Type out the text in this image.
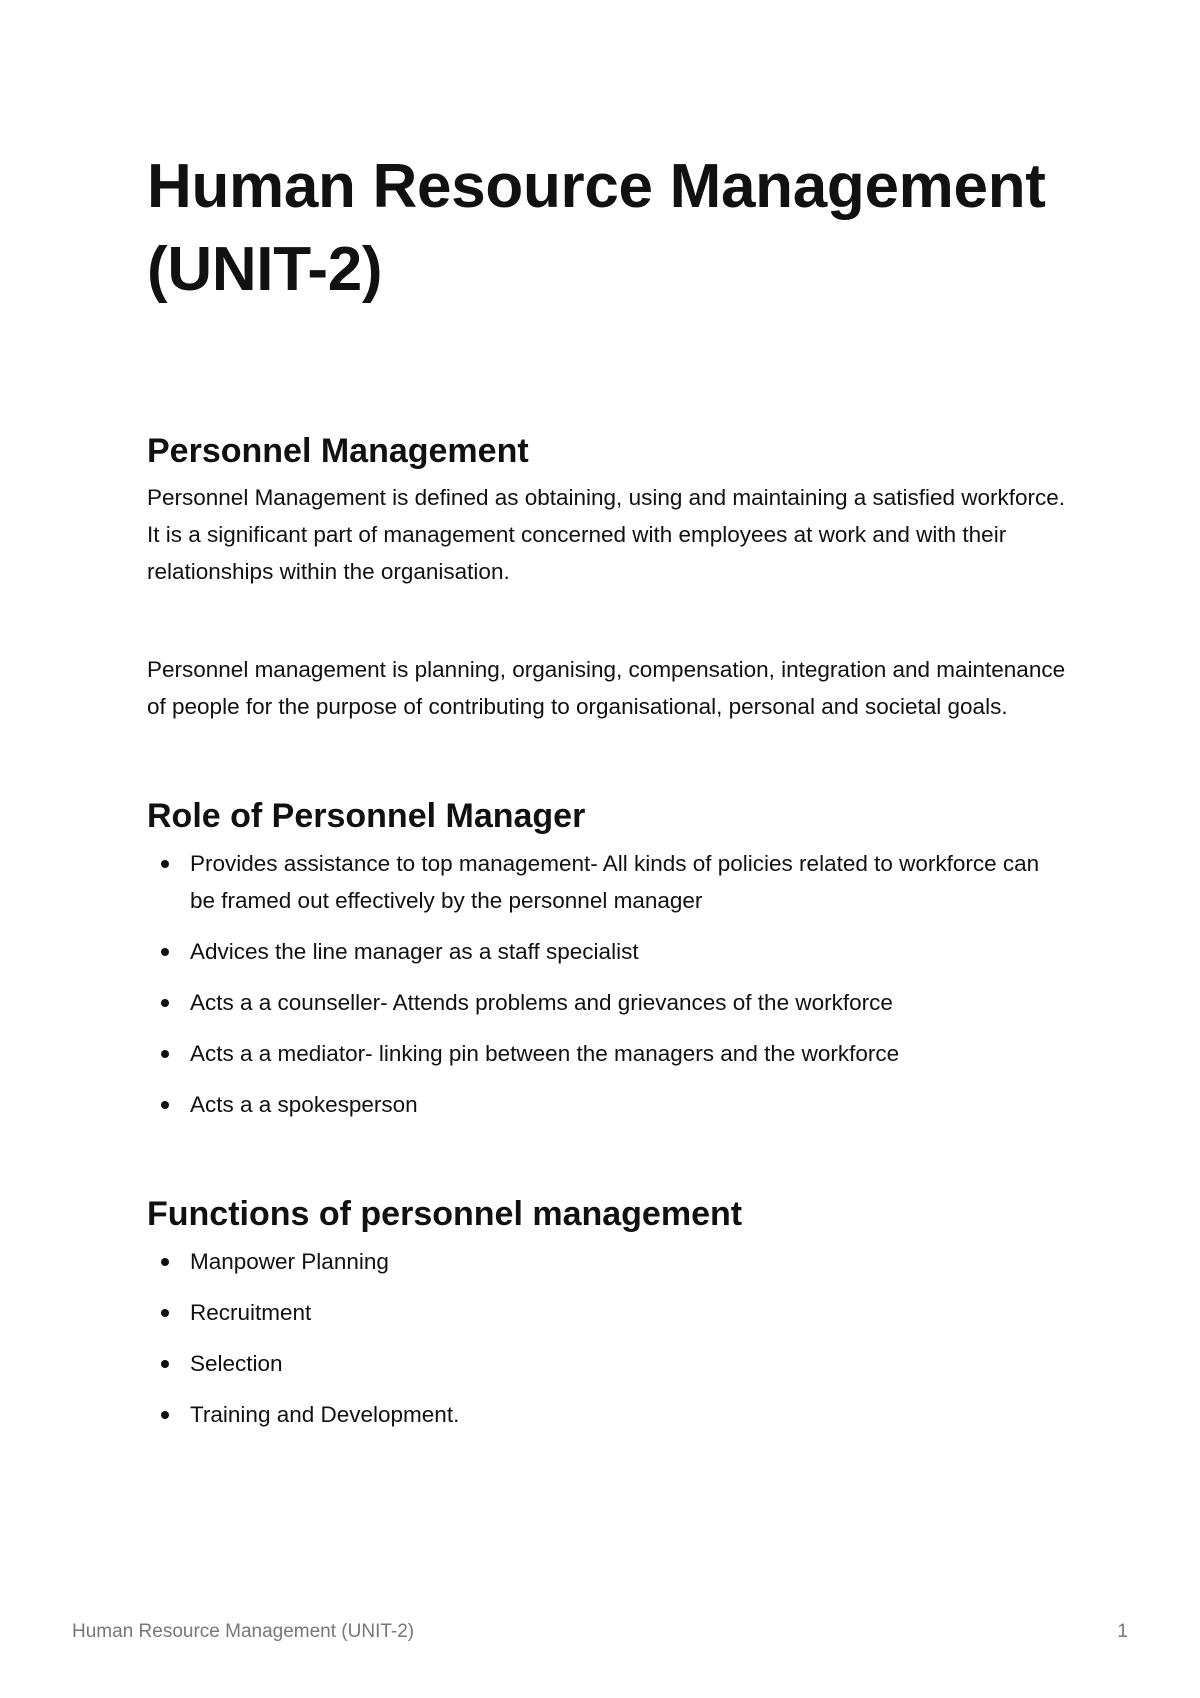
Human Resource Management
(UNIT-2)
Personnel Management

Personnel Management is defined as obtaining, using and maintaining a satisfied workforce. It is a significant part of management concerned with employees at work and with their relationships within the organisation.

Personnel management is planning, organising, compensation, integration and maintenance of people for the purpose of contributing to organisational, personal and societal goals.

Role of Personnel Manager
Provides assistance to top management- All kinds of policies related to workforce can be framed out effectively by the personnel manager
Advices the line manager as a staff specialist
Acts a a counseller- Attends problems and grievances of the workforce
Acts a a mediator- linking pin between the managers and the workforce
Acts a a spokesperson
Functions of personnel management
Manpower Planning
Recruitment
Selection
Training and Development.
Human Resource Management (UNIT-2)	1
